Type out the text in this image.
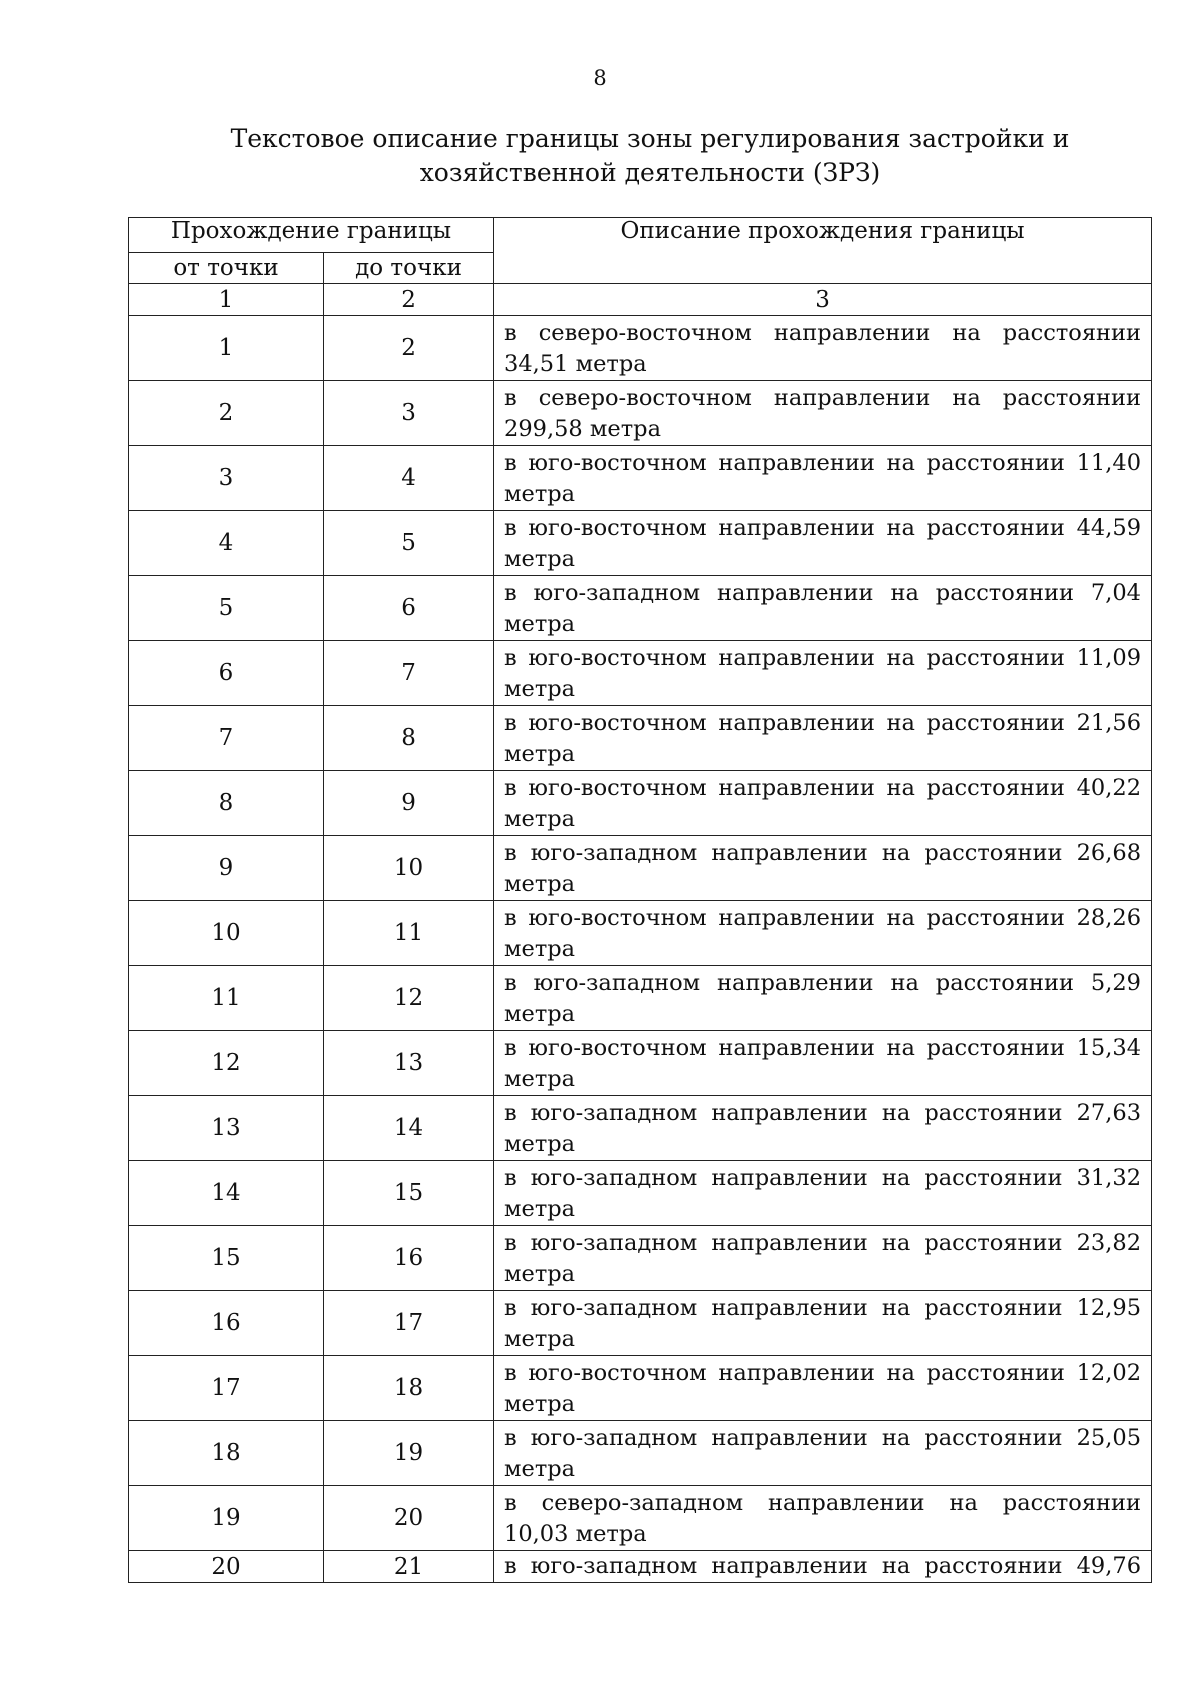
8
Текстовое описание границы зоны регулирования застройки и хозяйственной деятельности (ЗРЗ)
Прохождение границы		Описание прохождения границы
от точки	до точки	
1	2	3
1	2	в северо-восточном направлении на расстоянии 34,51 метра
2	3	в северо-восточном направлении на расстоянии 299,58 метра
3	4	в юго-восточном направлении на расстоянии 11,40 метра
4	5	в юго-восточном направлении на расстоянии 44,59 метра
5	6	в юго-западном направлении на расстоянии 7,04 метра
6	7	в юго-восточном направлении на расстоянии 11,09 метра
7	8	в юго-восточном направлении на расстоянии 21,56 метра
8	9	в юго-восточном направлении на расстоянии 40,22 метра
9	10	в юго-западном направлении на расстоянии 26,68 метра
10	11	в юго-восточном направлении на расстоянии 28,26 метра
11	12	в юго-западном направлении на расстоянии 5,29 метра
12	13	в юго-восточном направлении на расстоянии 15,34 метра
13	14	в юго-западном направлении на расстоянии 27,63 метра
14	15	в юго-западном направлении на расстоянии 31,32 метра
15	16	в юго-западном направлении на расстоянии 23,82 метра
16	17	в юго-западном направлении на расстоянии 12,95 метра
17	18	в юго-восточном направлении на расстоянии 12,02 метра
18	19	в юго-западном направлении на расстоянии 25,05 метра
19	20	в северо-западном направлении на расстоянии 10,03 метра
20	21	в юго-западном направлении на расстоянии 49,76
